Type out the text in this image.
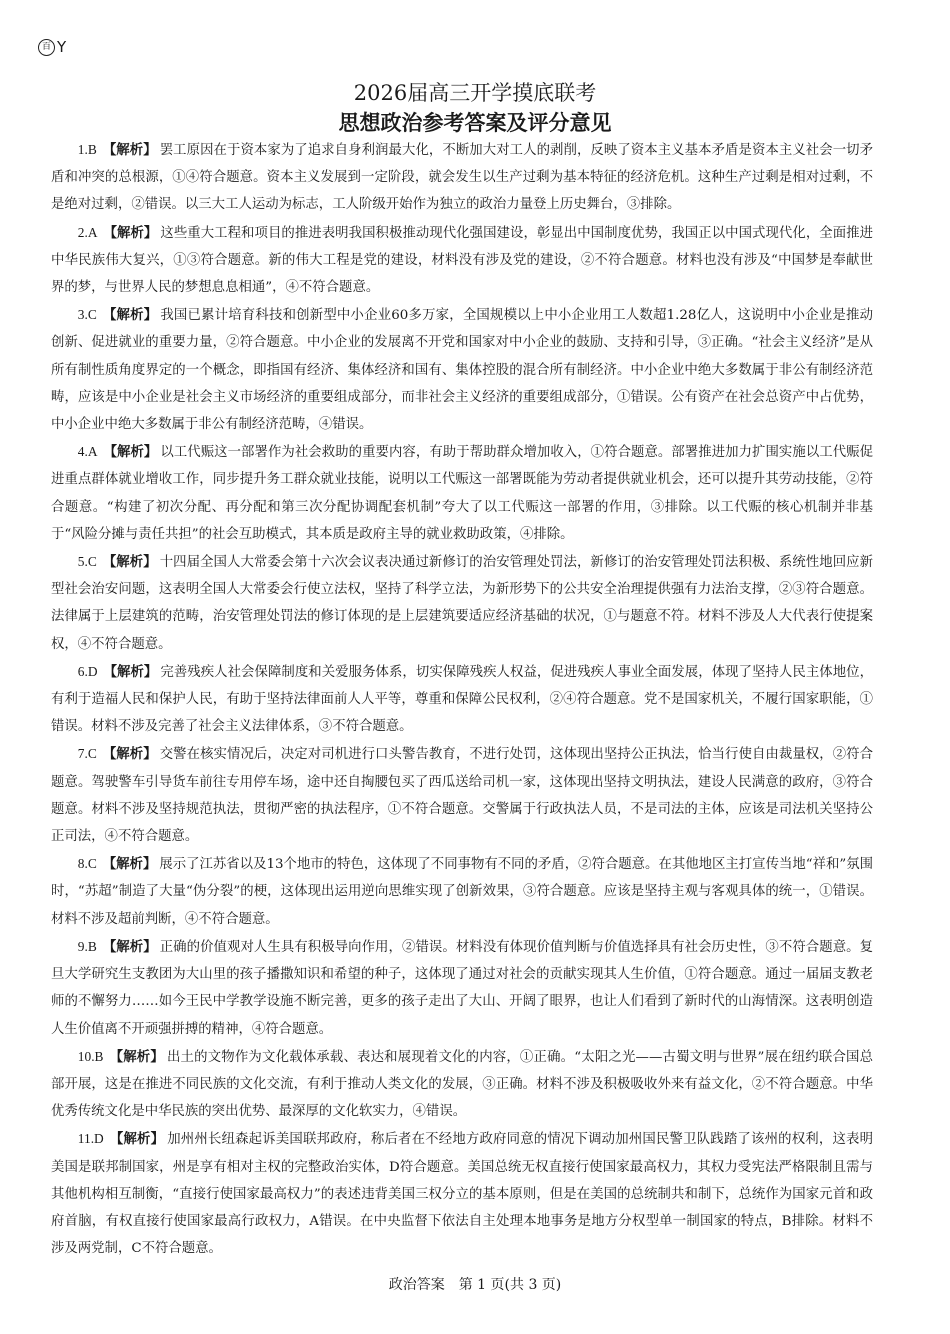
百 Y
2026届高三开学摸底联考
思想政治参考答案及评分意见

1.B 【解析】 罢工原因在于资本家为了追求自身利润最大化，不断加大对工人的剥削，反映了资本主义基本矛盾是资本主义社会一切矛盾和冲突的总根源，①④符合题意。资本主义发展到一定阶段，就会发生以生产过剩为基本特征的经济危机。这种生产过剩是相对过剩，不是绝对过剩，②错误。以三大工人运动为标志，工人阶级开始作为独立的政治力量登上历史舞台，③排除。

2.A 【解析】 这些重大工程和项目的推进表明我国积极推动现代化强国建设，彰显出中国制度优势，我国正以中国式现代化，全面推进中华民族伟大复兴，①③符合题意。新的伟大工程是党的建设，材料没有涉及党的建设，②不符合题意。材料也没有涉及“中国梦是奉献世界的梦，与世界人民的梦想息息相通”，④不符合题意。

3.C 【解析】 我国已累计培育科技和创新型中小企业60多万家，全国规模以上中小企业用工人数超1.28亿人，这说明中小企业是推动创新、促进就业的重要力量，②符合题意。中小企业的发展离不开党和国家对中小企业的鼓励、支持和引导，③正确。“社会主义经济”是从所有制性质角度界定的一个概念，即指国有经济、集体经济和国有、集体控股的混合所有制经济。中小企业中绝大多数属于非公有制经济范畴，应该是中小企业是社会主义市场经济的重要组成部分，而非社会主义经济的重要组成部分，①错误。公有资产在社会总资产中占优势，中小企业中绝大多数属于非公有制经济范畴，④错误。

4.A 【解析】 以工代赈这一部署作为社会救助的重要内容，有助于帮助群众增加收入，①符合题意。部署推进加力扩围实施以工代赈促进重点群体就业增收工作，同步提升务工群众就业技能，说明以工代赈这一部署既能为劳动者提供就业机会，还可以提升其劳动技能，②符合题意。“构建了初次分配、再分配和第三次分配协调配套机制”夸大了以工代赈这一部署的作用，③排除。以工代赈的核心机制并非基于“风险分摊与责任共担”的社会互助模式，其本质是政府主导的就业救助政策，④排除。

5.C 【解析】 十四届全国人大常委会第十六次会议表决通过新修订的治安管理处罚法，新修订的治安管理处罚法积极、系统性地回应新型社会治安问题，这表明全国人大常委会行使立法权，坚持了科学立法，为新形势下的公共安全治理提供强有力法治支撑，②③符合题意。法律属于上层建筑的范畴，治安管理处罚法的修订体现的是上层建筑要适应经济基础的状况，①与题意不符。材料不涉及人大代表行使提案权，④不符合题意。

6.D 【解析】 完善残疾人社会保障制度和关爱服务体系，切实保障残疾人权益，促进残疾人事业全面发展，体现了坚持人民主体地位，有利于造福人民和保护人民，有助于坚持法律面前人人平等，尊重和保障公民权利，②④符合题意。党不是国家机关，不履行国家职能，①错误。材料不涉及完善了社会主义法律体系，③不符合题意。

7.C 【解析】 交警在核实情况后，决定对司机进行口头警告教育，不进行处罚，这体现出坚持公正执法，恰当行使自由裁量权，②符合题意。驾驶警车引导货车前往专用停车场，途中还自掏腰包买了西瓜送给司机一家，这体现出坚持文明执法，建设人民满意的政府，③符合题意。材料不涉及坚持规范执法，贯彻严密的执法程序，①不符合题意。交警属于行政执法人员，不是司法的主体，应该是司法机关坚持公正司法，④不符合题意。

8.C 【解析】 展示了江苏省以及13个地市的特色，这体现了不同事物有不同的矛盾，②符合题意。在其他地区主打宣传当地“祥和”氛围时，“苏超”制造了大量“伪分裂”的梗，这体现出运用逆向思维实现了创新效果，③符合题意。应该是坚持主观与客观具体的统一，①错误。材料不涉及超前判断，④不符合题意。

9.B 【解析】 正确的价值观对人生具有积极导向作用，②错误。材料没有体现价值判断与价值选择具有社会历史性，③不符合题意。复旦大学研究生支教团为大山里的孩子播撒知识和希望的种子，这体现了通过对社会的贡献实现其人生价值，①符合题意。通过一届届支教老师的不懈努力……如今王民中学教学设施不断完善，更多的孩子走出了大山、开阔了眼界，也让人们看到了新时代的山海情深。这表明创造人生价值离不开顽强拼搏的精神，④符合题意。

10.B 【解析】 出土的文物作为文化载体承载、表达和展现着文化的内容，①正确。“太阳之光——古蜀文明与世界”展在纽约联合国总部开展，这是在推进不同民族的文化交流，有利于推动人类文化的发展，③正确。材料不涉及积极吸收外来有益文化，②不符合题意。中华优秀传统文化是中华民族的突出优势、最深厚的文化软实力，④错误。

11.D 【解析】 加州州长纽森起诉美国联邦政府，称后者在不经地方政府同意的情况下调动加州国民警卫队践踏了该州的权利，这表明美国是联邦制国家，州是享有相对主权的完整政治实体，D符合题意。美国总统无权直接行使国家最高权力，其权力受宪法严格限制且需与其他机构相互制衡，“直接行使国家最高权力”的表述违背美国三权分立的基本原则，但是在美国的总统制共和制下，总统作为国家元首和政府首脑，有权直接行使国家最高行政权力，A错误。在中央监督下依法自主处理本地事务是地方分权型单一制国家的特点，B排除。材料不涉及两党制，C不符合题意。

政治答案　第 1 页(共 3 页)
